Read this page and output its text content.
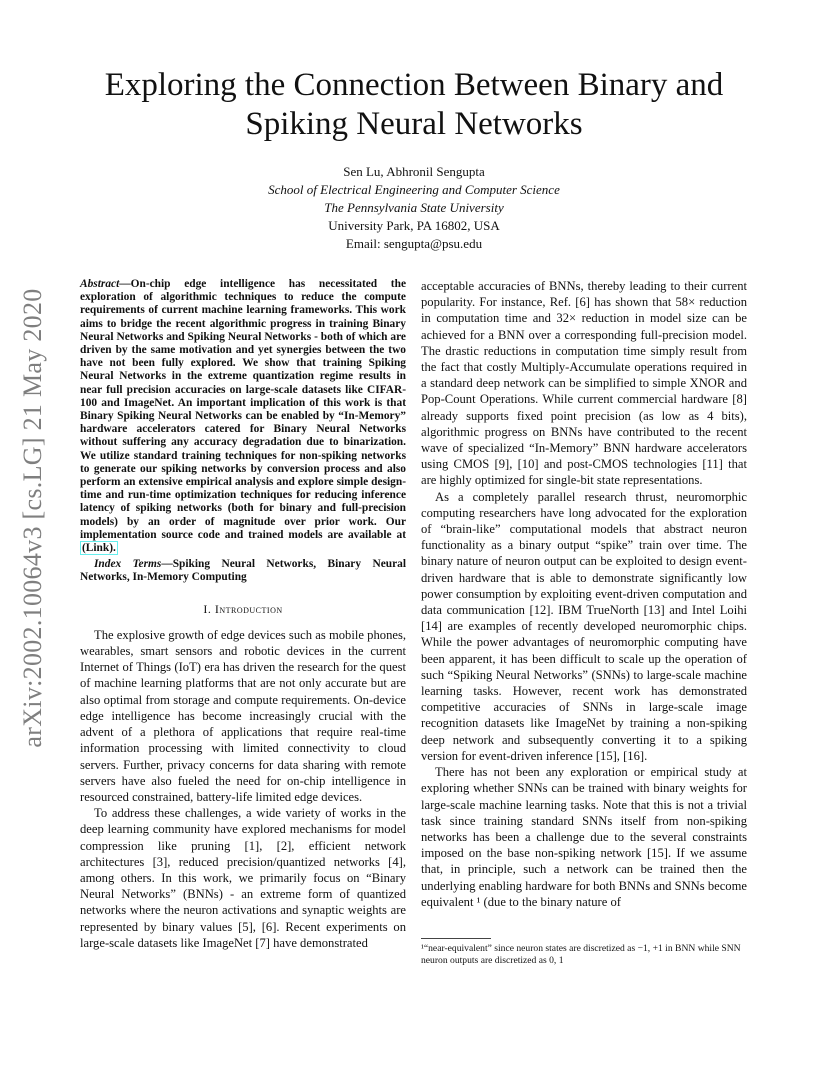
arXiv:2002.10064v3 [cs.LG] 21 May 2020
Exploring the Connection Between Binary and Spiking Neural Networks
Sen Lu, Abhronil Sengupta
School of Electrical Engineering and Computer Science
The Pennsylvania State University
University Park, PA 16802, USA
Email: sengupta@psu.edu
Abstract—On-chip edge intelligence has necessitated the exploration of algorithmic techniques to reduce the compute requirements of current machine learning frameworks. This work aims to bridge the recent algorithmic progress in training Binary Neural Networks and Spiking Neural Networks - both of which are driven by the same motivation and yet synergies between the two have not been fully explored. We show that training Spiking Neural Networks in the extreme quantization regime results in near full precision accuracies on large-scale datasets like CIFAR-100 and ImageNet. An important implication of this work is that Binary Spiking Neural Networks can be enabled by “In-Memory” hardware accelerators catered for Binary Neural Networks without suffering any accuracy degradation due to binarization. We utilize standard training techniques for non-spiking networks to generate our spiking networks by conversion process and also perform an extensive empirical analysis and explore simple design-time and run-time optimization techniques for reducing inference latency of spiking networks (both for binary and full-precision models) by an order of magnitude over prior work. Our implementation source code and trained models are available at (Link).
Index Terms—Spiking Neural Networks, Binary Neural Networks, In-Memory Computing
I. Introduction

The explosive growth of edge devices such as mobile phones, wearables, smart sensors and robotic devices in the current Internet of Things (IoT) era has driven the research for the quest of machine learning platforms that are not only accurate but are also optimal from storage and compute requirements. On-device edge intelligence has become increasingly crucial with the advent of a plethora of applications that require real-time information processing with limited connectivity to cloud servers. Further, privacy concerns for data sharing with remote servers have also fueled the need for on-chip intelligence in resourced constrained, battery-life limited edge devices.

To address these challenges, a wide variety of works in the deep learning community have explored mechanisms for model compression like pruning [1], [2], efficient network architectures [3], reduced precision/quantized networks [4], among others. In this work, we primarily focus on “Binary Neural Networks” (BNNs) - an extreme form of quantized networks where the neuron activations and synaptic weights are represented by binary values [5], [6]. Recent experiments on large-scale datasets like ImageNet [7] have demonstrated

acceptable accuracies of BNNs, thereby leading to their current popularity. For instance, Ref. [6] has shown that 58× reduction in computation time and 32× reduction in model size can be achieved for a BNN over a corresponding full-precision model. The drastic reductions in computation time simply result from the fact that costly Multiply-Accumulate operations required in a standard deep network can be simplified to simple XNOR and Pop-Count Operations. While current commercial hardware [8] already supports fixed point precision (as low as 4 bits), algorithmic progress on BNNs have contributed to the recent wave of specialized “In-Memory” BNN hardware accelerators using CMOS [9], [10] and post-CMOS technologies [11] that are highly optimized for single-bit state representations.

As a completely parallel research thrust, neuromorphic computing researchers have long advocated for the exploration of “brain-like” computational models that abstract neuron functionality as a binary output “spike” train over time. The binary nature of neuron output can be exploited to design event-driven hardware that is able to demonstrate significantly low power consumption by exploiting event-driven computation and data communication [12]. IBM TrueNorth [13] and Intel Loihi [14] are examples of recently developed neuromorphic chips. While the power advantages of neuromorphic computing have been apparent, it has been difficult to scale up the operation of such “Spiking Neural Networks” (SNNs) to large-scale machine learning tasks. However, recent work has demonstrated competitive accuracies of SNNs in large-scale image recognition datasets like ImageNet by training a non-spiking deep network and subsequently converting it to a spiking version for event-driven inference [15], [16].

There has not been any exploration or empirical study at exploring whether SNNs can be trained with binary weights for large-scale machine learning tasks. Note that this is not a trivial task since training standard SNNs itself from non-spiking networks has been a challenge due to the several constraints imposed on the base non-spiking network [15]. If we assume that, in principle, such a network can be trained then the underlying enabling hardware for both BNNs and SNNs become equivalent ¹ (due to the binary nature of

¹“near-equivalent” since neuron states are discretized as −1, +1 in BNN while SNN neuron outputs are discretized as 0, 1
